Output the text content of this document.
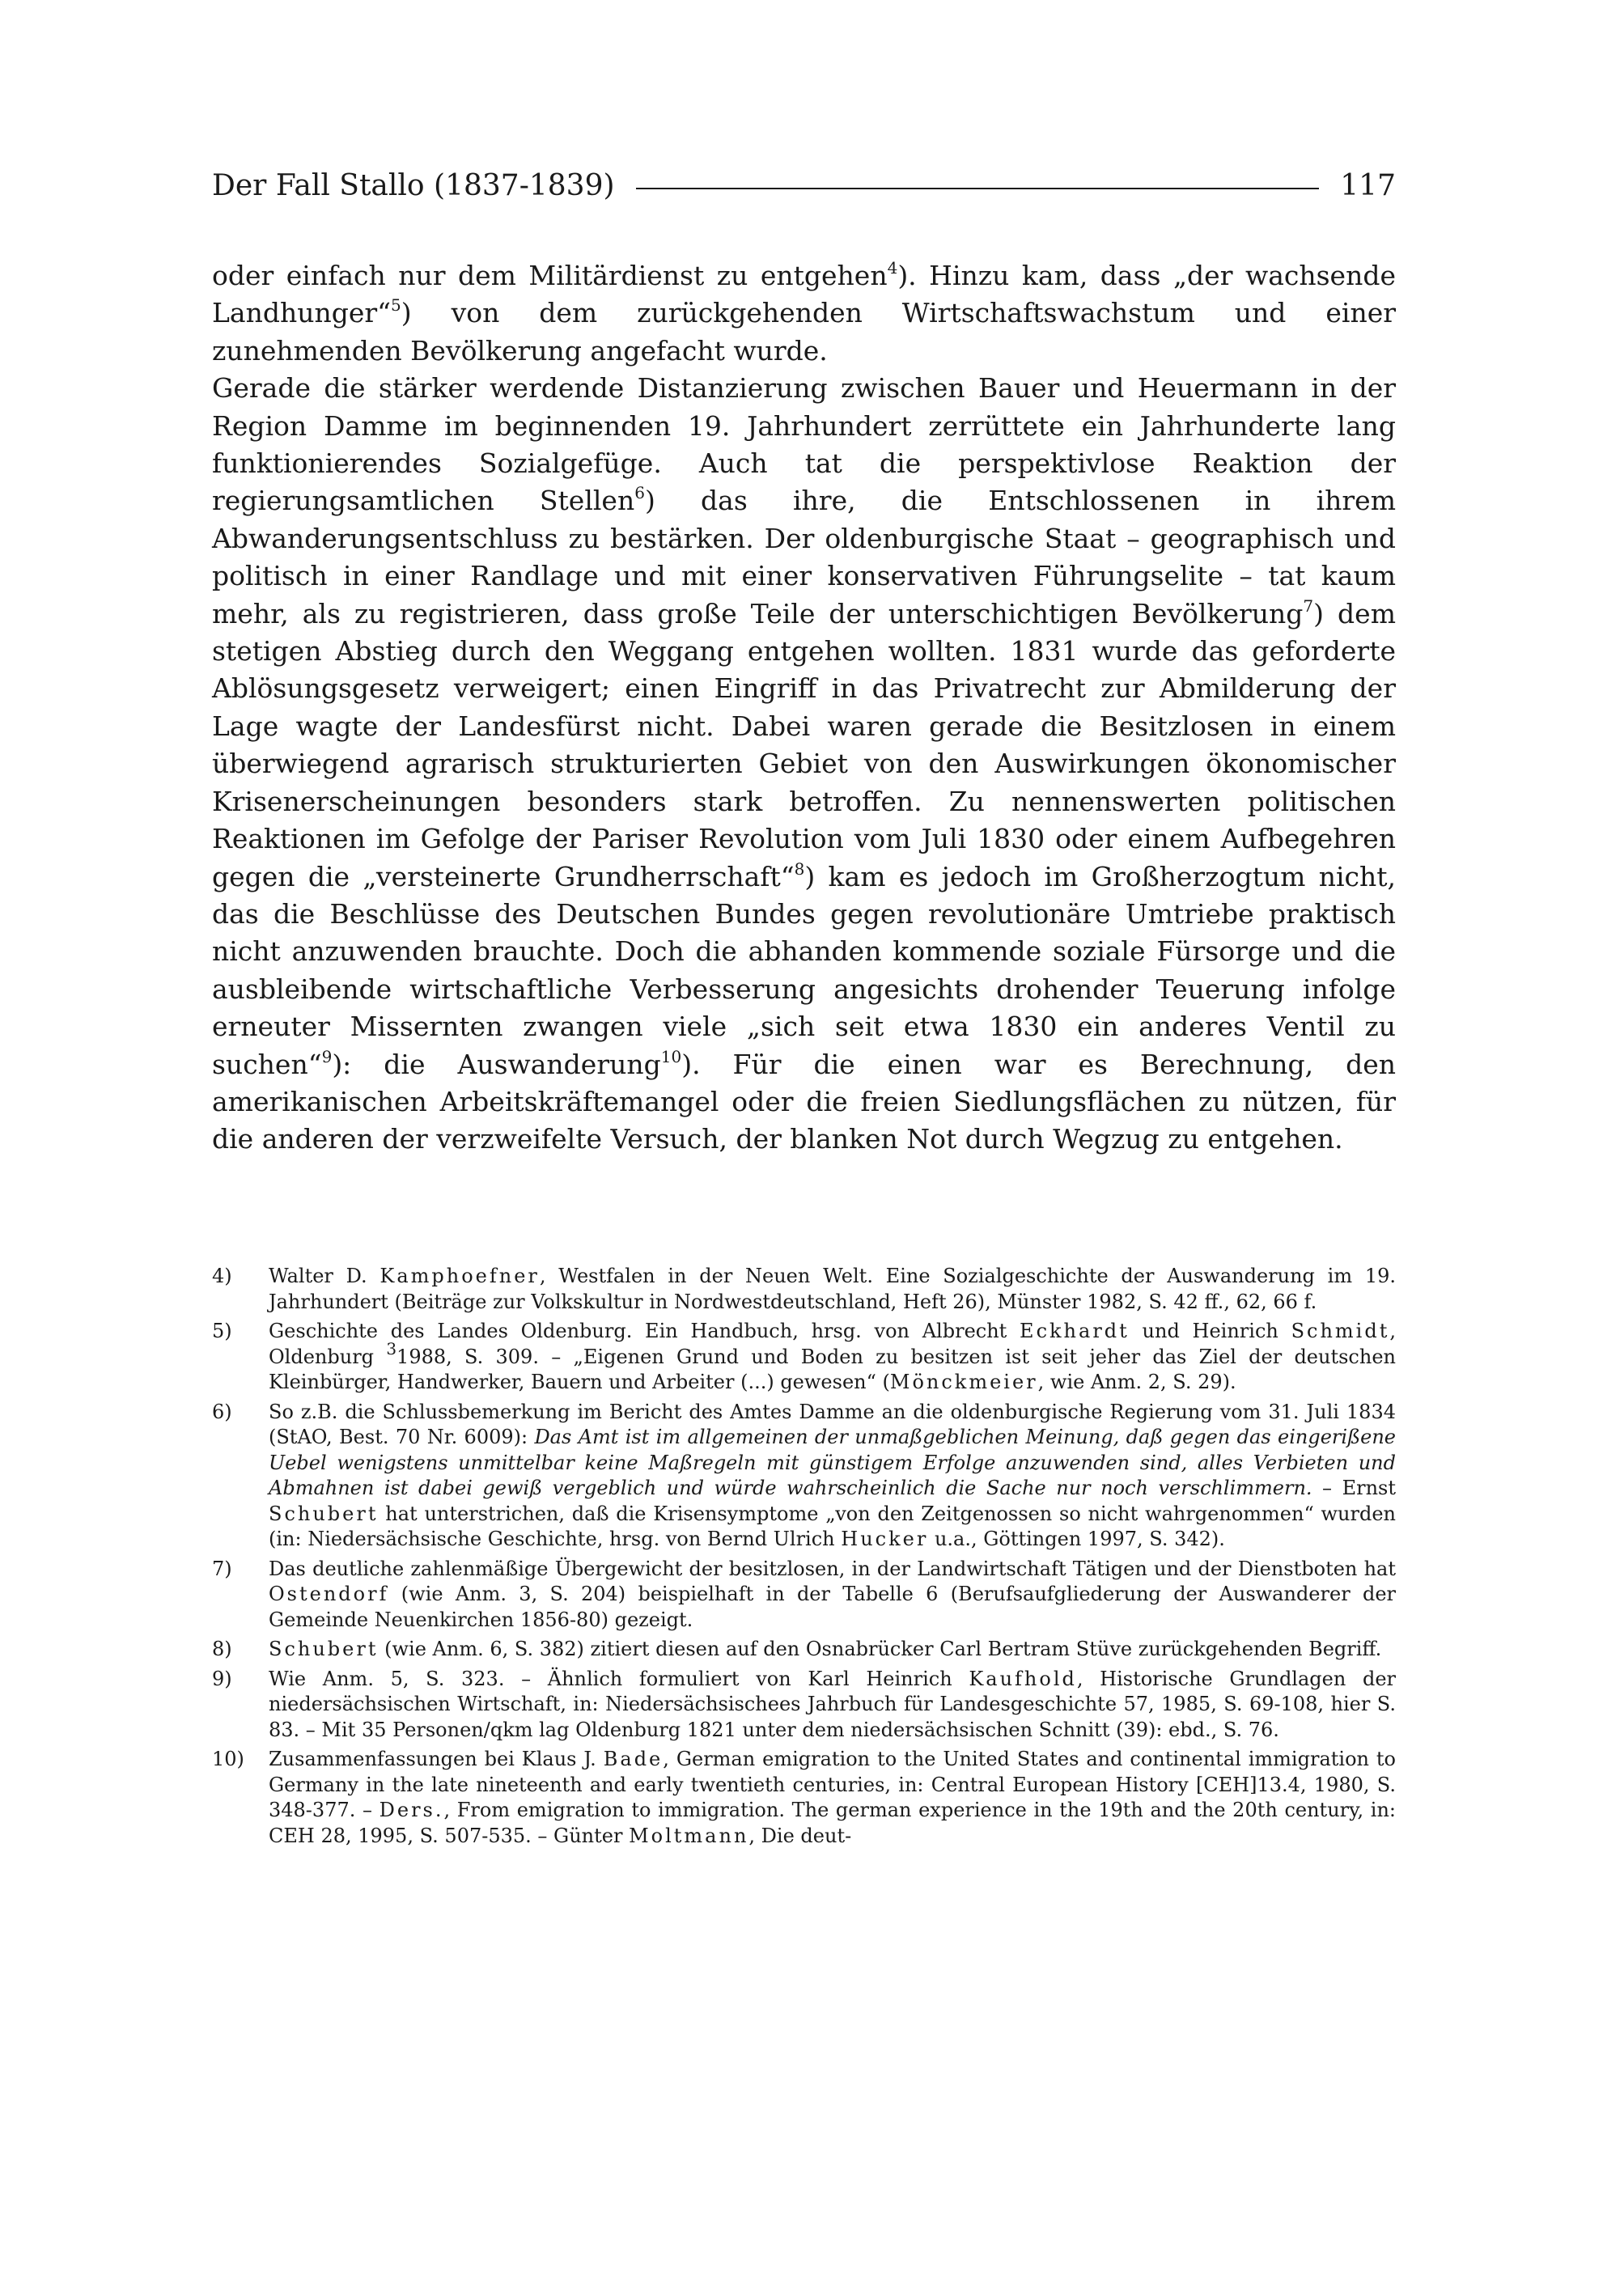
Der Fall Stallo (1837-1839)	117

oder einfach nur dem Militärdienst zu entgehen$^4$). Hinzu kam, dass „der wachsende Landhunger“$^5$) von dem zurückgehenden Wirtschaftswachstum und einer zunehmenden Bevölkerung angefacht wurde.

Gerade die stärker werdende Distanzierung zwischen Bauer und Heuermann in der Region Damme im beginnenden 19. Jahrhundert zerrüttete ein Jahrhunderte lang funktionierendes Sozialgefüge. Auch tat die perspektivlose Reaktion der regierungsamtlichen Stellen$^6$) das ihre, die Entschlossenen in ihrem Abwanderungsentschluss zu bestärken. Der oldenburgische Staat – geographisch und politisch in einer Randlage und mit einer konservativen Führungselite – tat kaum mehr, als zu registrieren, dass große Teile der unterschichtigen Bevölkerung$^7$) dem stetigen Abstieg durch den Weggang entgehen wollten. 1831 wurde das geforderte Ablösungsgesetz verweigert; einen Eingriff in das Privatrecht zur Abmilderung der Lage wagte der Landesfürst nicht. Dabei waren gerade die Besitzlosen in einem überwiegend agrarisch strukturierten Gebiet von den Auswirkungen ökonomischer Krisenerscheinungen besonders stark betroffen. Zu nennenswerten politischen Reaktionen im Gefolge der Pariser Revolution vom Juli 1830 oder einem Aufbegehren gegen die „versteinerte Grundherrschaft“$^8$) kam es jedoch im Großherzogtum nicht, das die Beschlüsse des Deutschen Bundes gegen revolutionäre Umtriebe praktisch nicht anzuwenden brauchte. Doch die abhanden kommende soziale Fürsorge und die ausbleibende wirtschaftliche Verbesserung angesichts drohender Teuerung infolge erneuter Missernten zwangen viele „sich seit etwa 1830 ein anderes Ventil zu suchen“$^9$): die Auswanderung$^{10}$). Für die einen war es Berechnung, den amerikanischen Arbeitskräftemangel oder die freien Siedlungsflächen zu nützen, für die anderen der verzweifelte Versuch, der blanken Not durch Wegzug zu entgehen.

4)	Walter D. Kamphoefner, Westfalen in der Neuen Welt. Eine Sozialgeschichte der Auswanderung im 19. Jahrhundert (Beiträge zur Volkskultur in Nordwestdeutschland, Heft 26), Münster 1982, S. 42 ff., 62, 66 f.
5)	Geschichte des Landes Oldenburg. Ein Handbuch, hrsg. von Albrecht Eckhardt und Heinrich Schmidt, Oldenburg $^3$1988, S. 309. – „Eigenen Grund und Boden zu besitzen ist seit jeher das Ziel der deutschen Kleinbürger, Handwerker, Bauern und Arbeiter (...) gewesen“ (Mönckmeier, wie Anm. 2, S. 29).
6)	So z.B. die Schlussbemerkung im Bericht des Amtes Damme an die oldenburgische Regierung vom 31. Juli 1834 (StAO, Best. 70 Nr. 6009): Das Amt ist im allgemeinen der unmaßgeblichen Meinung, daß gegen das eingerißene Uebel wenigstens unmittelbar keine Maßregeln mit günstigem Erfolge anzuwenden sind, alles Verbieten und Abmahnen ist dabei gewiß vergeblich und würde wahrscheinlich die Sache nur noch verschlimmern. – Ernst Schubert hat unterstrichen, daß die Krisensymptome „von den Zeitgenossen so nicht wahrgenommen“ wurden (in: Niedersächsische Geschichte, hrsg. von Bernd Ulrich Hucker u.a., Göttingen 1997, S. 342).
7)	Das deutliche zahlenmäßige Übergewicht der besitzlosen, in der Landwirtschaft Tätigen und der Dienstboten hat Ostendorf (wie Anm. 3, S. 204) beispielhaft in der Tabelle 6 (Berufsaufgliederung der Auswanderer der Gemeinde Neuenkirchen 1856-80) gezeigt.
8)	Schubert (wie Anm. 6, S. 382) zitiert diesen auf den Osnabrücker Carl Bertram Stüve zurückgehenden Begriff.
9)	Wie Anm. 5, S. 323. – Ähnlich formuliert von Karl Heinrich Kaufhold, Historische Grundlagen der niedersächsischen Wirtschaft, in: Niedersächsischees Jahrbuch für Landesgeschichte 57, 1985, S. 69-108, hier S. 83. – Mit 35 Personen/qkm lag Oldenburg 1821 unter dem niedersächsischen Schnitt (39): ebd., S. 76.
10)	Zusammenfassungen bei Klaus J. Bade, German emigration to the United States and continental immigration to Germany in the late nineteenth and early twentieth centuries, in: Central European History [CEH]13.4, 1980, S. 348-377. – Ders., From emigration to immigration. The german experience in the 19th and the 20th century, in: CEH 28, 1995, S. 507-535. – Günter Moltmann, Die deut-
